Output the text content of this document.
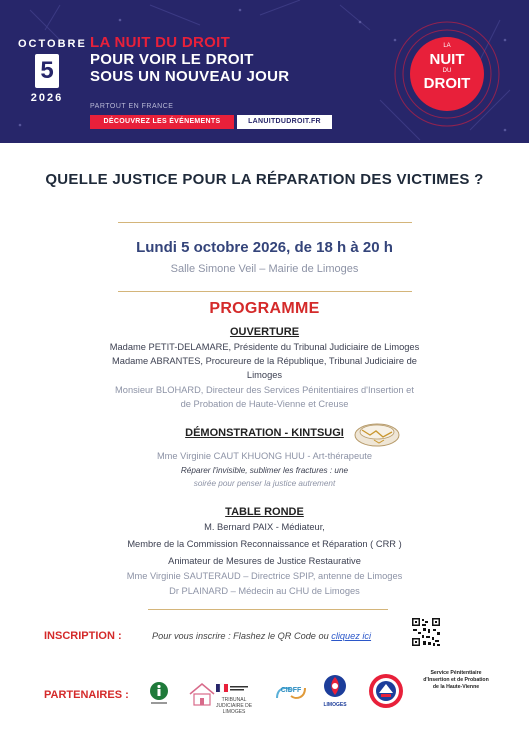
OCTOBRE
5
2026
LA NUIT DU DROIT
POUR VOIR LE DROIT
SOUS UN NOUVEAU JOUR
PARTOUT EN FRANCE
DÉCOUVREZ LES ÉVÉNEMENTS	LANUITDUDROIT.FR
LA
NUIT
DU
DROIT
QUELLE JUSTICE POUR LA RÉPARATION DES VICTIMES ?
Lundi 5 octobre 2026, de 18 h à 20 h
Salle Simone Veil – Mairie de Limoges
PROGRAMME
OUVERTURE
Madame PETIT-DELAMARE, Présidente du Tribunal Judiciaire de Limoges
Madame ABRANTES, Procureure de la République, Tribunal Judiciaire de
Limoges
Monsieur BLOHARD, Directeur des Services Pénitentiaires d'Insertion et
de Probation de Haute-Vienne et Creuse
DÉMONSTRATION - KINTSUGI
Mme Virginie CAUT KHUONG HUU - Art-thérapeute
Réparer l'invisible, sublimer les fractures : une
soirée pour penser la justice autrement
TABLE RONDE
M. Bernard PAIX - Médiateur,
Membre de la Commission Reconnaissance et Réparation ( CRR )
Animateur de Mesures de Justice Restaurative
Mme Virginie SAUTERAUD – Directrice SPIP, antenne de Limoges
Dr PLAINARD – Médecin au CHU de Limoges
INSCRIPTION :	Pour vous inscrire : Flashez le QR Code ou cliquez ici
PARTENAIRES :	TRIBUNAL JUDICIAIRE DE LIMOGES
CIDFF
LIMOGES
Service Pénitentiaire d'Insertion et de Probation de la Haute-Vienne
